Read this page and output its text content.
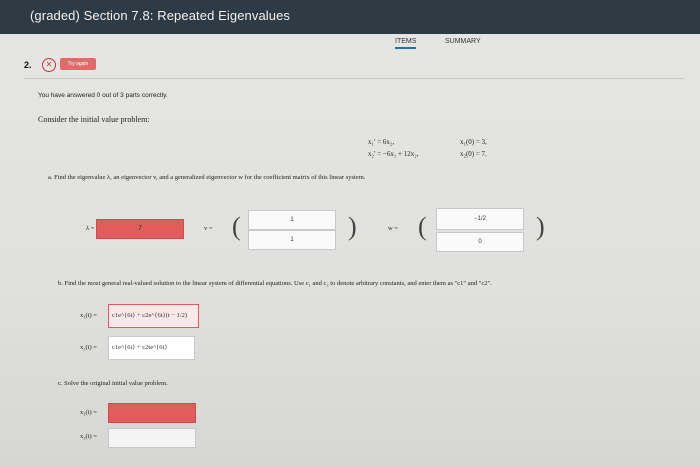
(graded) Section 7.8: Repeated Eigenvalues
ITEMS	SUMMARY
2.	✕	Try again
You have answered 0 out of 3 parts correctly.
Consider the initial value problem:
x₁′ = 6x₂,	x₁(0) = 3,
x₂′ = −6x₁ + 12x₂,	x₂(0) = 7.
a. Find the eigenvalue λ, an eigenvector v, and a generalized eigenvector w for the coefficient matrix of this linear system.
λ =	7	v = (	1
1	)	w = (	−1/2
0
)
b. Find the most general real-valued solution to the linear system of differential equations. Use c₁ and c₂ to denote arbitrary constants, and enter them as "c1" and "c2".
x₁(t) =	c1e^{6t} + c2e^{6t}(t − 1/2)
x₂(t) =	c1e^{6t} + c2te^{6t}
c. Solve the original initial value problem.
x₁(t) =
x₂(t) =
